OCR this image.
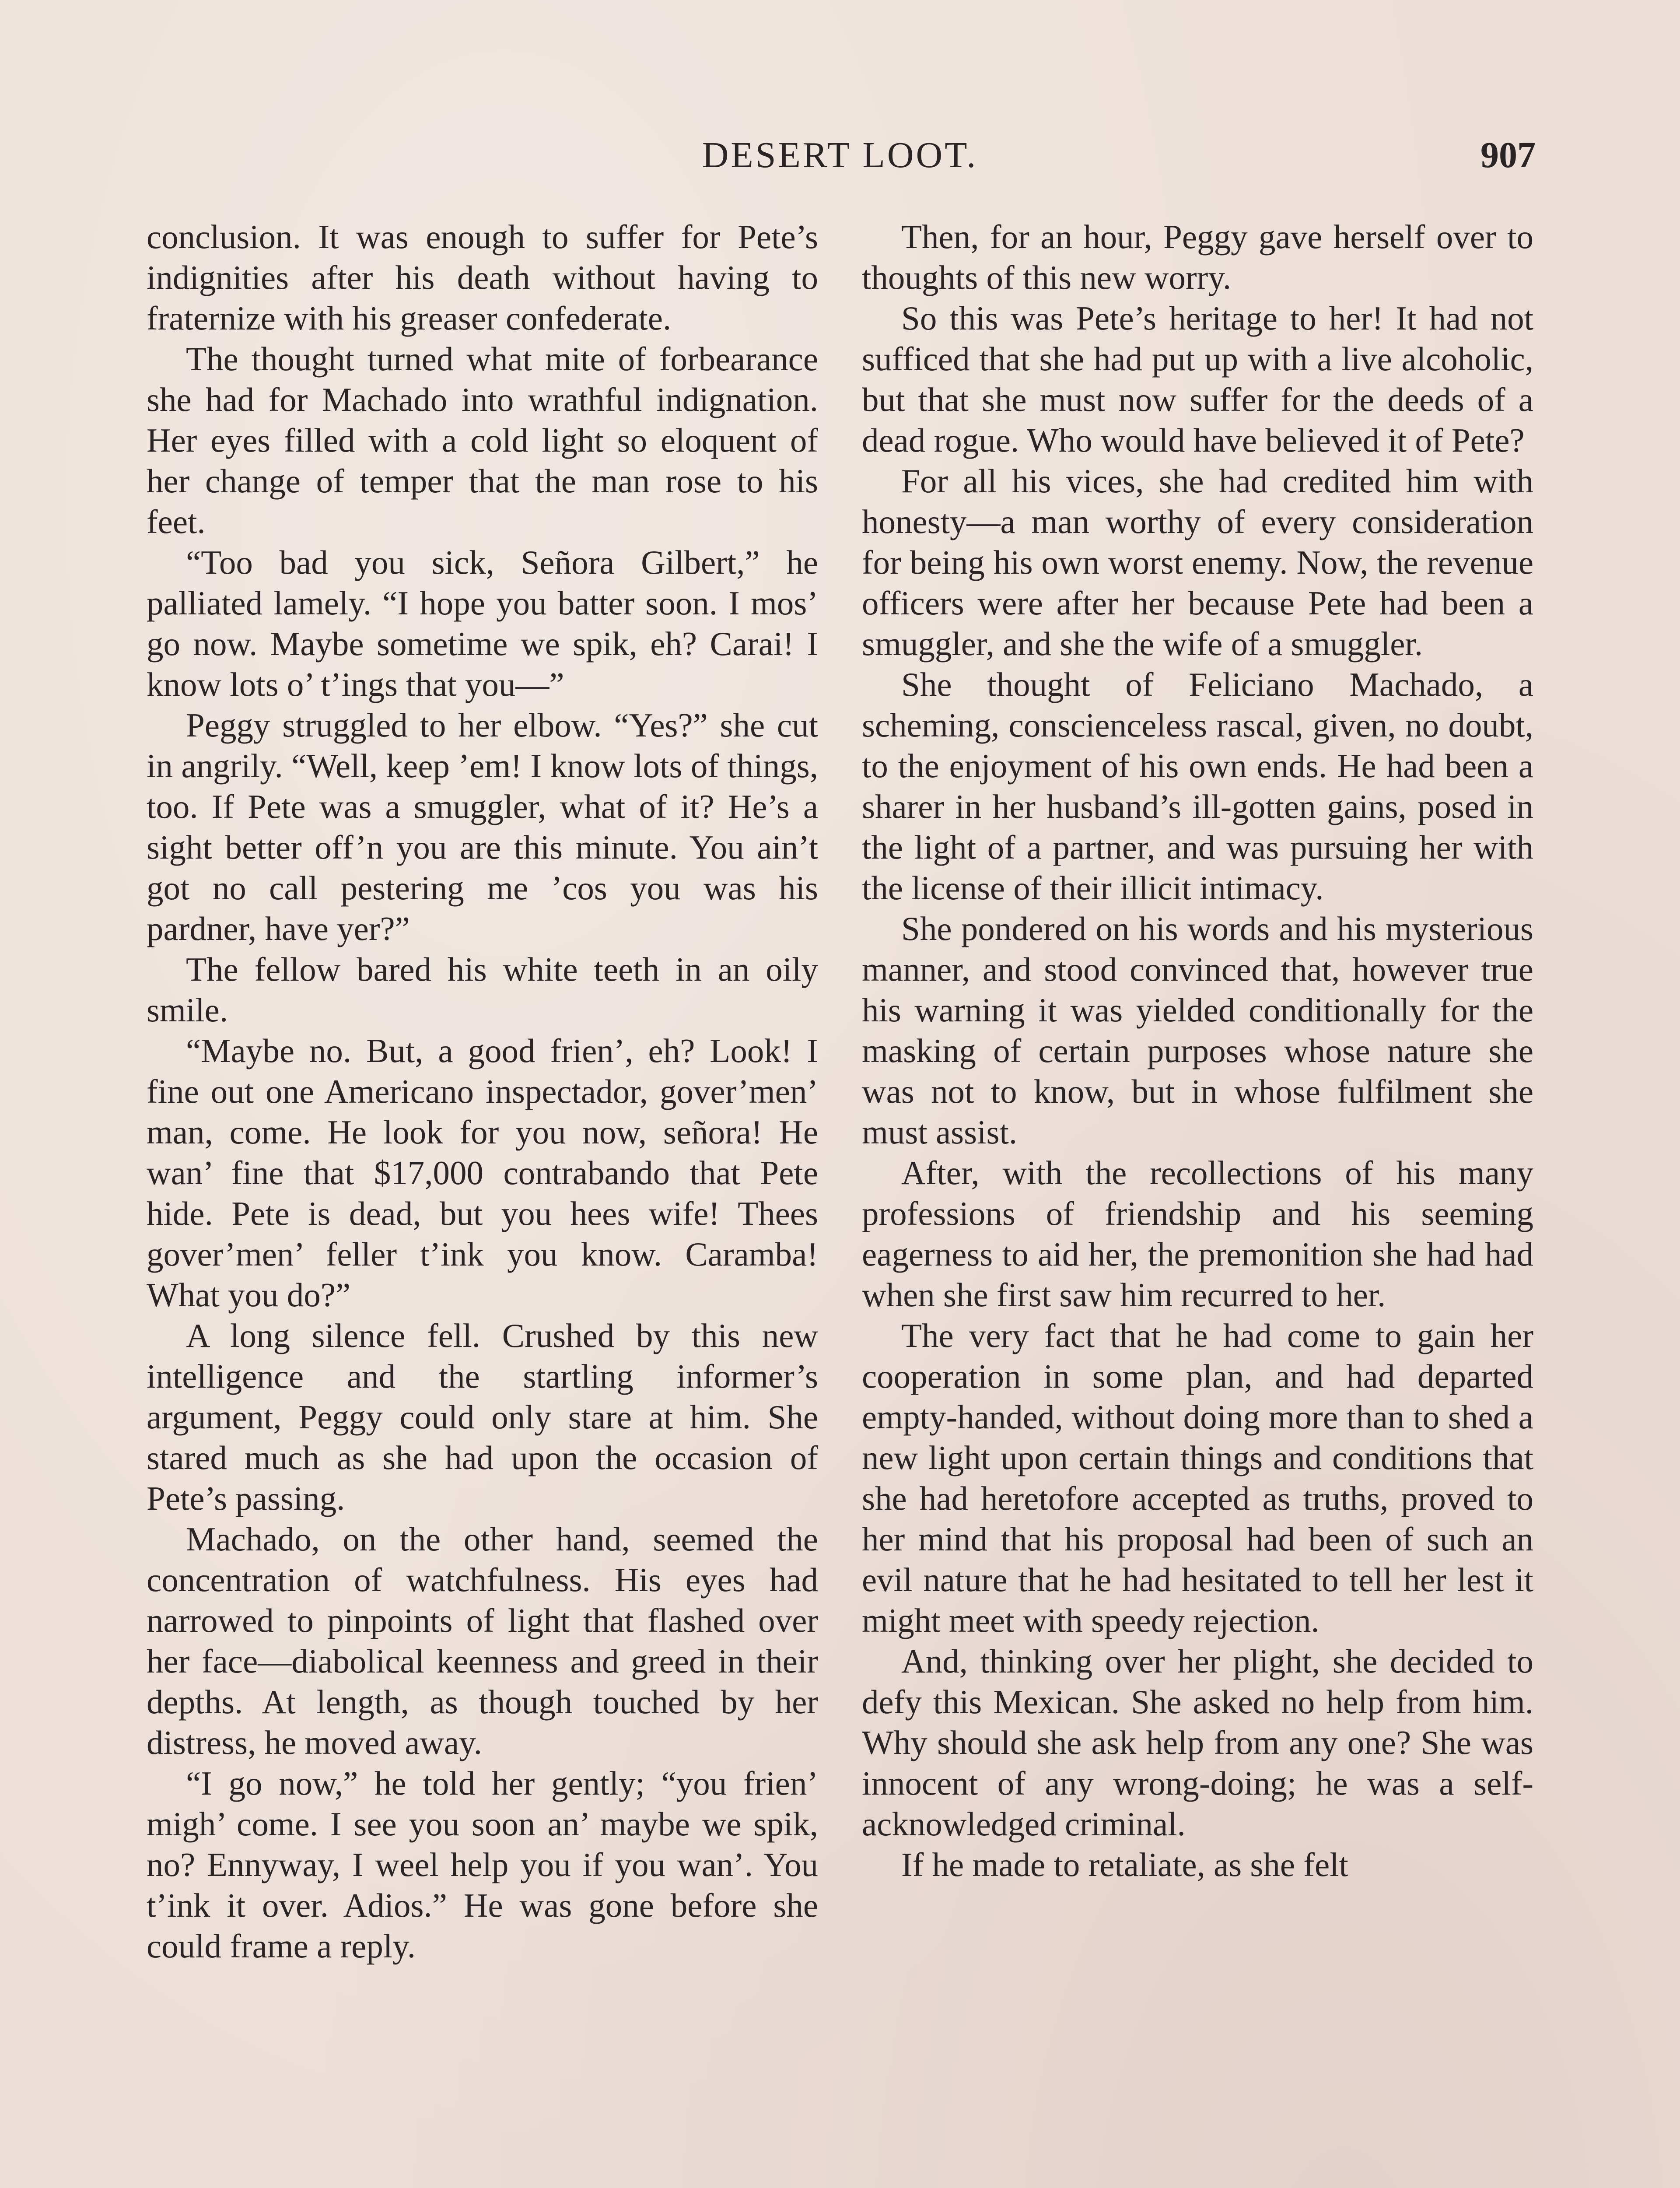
DESERT LOOT.	907

conclusion. It was enough to suffer for Pete’s indignities after his death without having to fraternize with his greaser confederate.

The thought turned what mite of forbearance she had for Machado into wrathful indignation. Her eyes filled with a cold light so eloquent of her change of temper that the man rose to his feet.

“Too bad you sick, Señora Gilbert,” he palliated lamely. “I hope you batter soon. I mos’ go now. Maybe sometime we spik, eh? Carai! I know lots o’ t’ings that you—”

Peggy struggled to her elbow. “Yes?” she cut in angrily. “Well, keep ’em! I know lots of things, too. If Pete was a smuggler, what of it? He’s a sight better off’n you are this minute. You ain’t got no call pestering me ’cos you was his pardner, have yer?”

The fellow bared his white teeth in an oily smile.

“Maybe no. But, a good frien’, eh? Look! I fine out one Americano inspectador, gover’men’ man, come. He look for you now, señora! He wan’ fine that $17,000 contrabando that Pete hide. Pete is dead, but you hees wife! Thees gover’men’ feller t’ink you know. Caramba! What you do?”

A long silence fell. Crushed by this new intelligence and the startling informer’s argument, Peggy could only stare at him. She stared much as she had upon the occasion of Pete’s passing.

Machado, on the other hand, seemed the concentration of watchfulness. His eyes had narrowed to pinpoints of light that flashed over her face—diabolical keenness and greed in their depths. At length, as though touched by her distress, he moved away.

“I go now,” he told her gently; “you frien’ migh’ come. I see you soon an’ maybe we spik, no? Ennyway, I weel help you if you wan’. You t’ink it over. Adios.” He was gone before she could frame a reply.

Then, for an hour, Peggy gave herself over to thoughts of this new worry.

So this was Pete’s heritage to her! It had not sufficed that she had put up with a live alcoholic, but that she must now suffer for the deeds of a dead rogue. Who would have believed it of Pete?

For all his vices, she had credited him with honesty—a man worthy of every consideration for being his own worst enemy. Now, the revenue officers were after her because Pete had been a smuggler, and she the wife of a smuggler.

She thought of Feliciano Machado, a scheming, conscienceless rascal, given, no doubt, to the enjoyment of his own ends. He had been a sharer in her husband’s ill-gotten gains, posed in the light of a partner, and was pursuing her with the license of their illicit intimacy.

She pondered on his words and his mysterious manner, and stood convinced that, however true his warning it was yielded conditionally for the masking of certain purposes whose nature she was not to know, but in whose fulfilment she must assist.

After, with the recollections of his many professions of friendship and his seeming eagerness to aid her, the premonition she had had when she first saw him recurred to her.

The very fact that he had come to gain her cooperation in some plan, and had departed empty-handed, without doing more than to shed a new light upon certain things and conditions that she had heretofore accepted as truths, proved to her mind that his proposal had been of such an evil nature that he had hesitated to tell her lest it might meet with speedy rejection.

And, thinking over her plight, she decided to defy this Mexican. She asked no help from him. Why should she ask help from any one? She was innocent of any wrong-doing; he was a self-acknowledged criminal.

If he made to retaliate, as she felt
